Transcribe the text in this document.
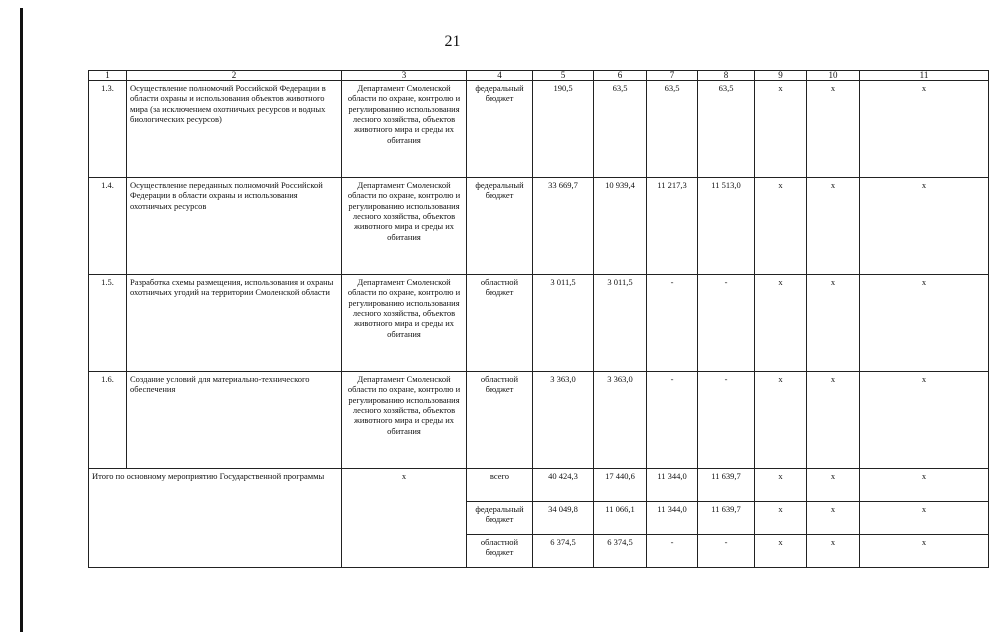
21
1	2	3	4	5	6	7	8	9	10	11
1.3.	Осуществление полномочий Российской Федерации в области охраны и использования объектов животного мира (за исключением охотничьих ресурсов и водных биологических ресурсов)	Департамент Смоленской области по охране, контролю и регулированию использования лесного хозяйства, объектов животного мира и среды их обитания	федеральный бюджет	190,5	63,5	63,5	63,5	x	x	x
1.4.	Осуществление переданных полномочий Российской Федерации в области охраны и использования охотничьих ресурсов	Департамент Смоленской области по охране, контролю и регулированию использования лесного хозяйства, объектов животного мира и среды их обитания	федеральный бюджет	33 669,7	10 939,4	11 217,3	11 513,0	x	x	x
1.5.	Разработка схемы размещения, использования и охраны охотничьих угодий на территории Смоленской области	Департамент Смоленской области по охране, контролю и регулированию использования лесного хозяйства, объектов животного мира и среды их обитания	областной бюджет	3 011,5	3 011,5	-	-	x	x	x
1.6.	Создание условий для материально-технического обеспечения	Департамент Смоленской области по охране, контролю и регулированию использования лесного хозяйства, объектов животного мира и среды их обитания	областной бюджет	3 363,0	3 363,0	-	-	x	x	x
Итого по основному мероприятию Государственной программы		x	всего	40 424,3	17 440,6	11 344,0	11 639,7	x	x	x
			федеральный бюджет	34 049,8	11 066,1	11 344,0	11 639,7	x	x	x
			областной бюджет	6 374,5	6 374,5	-	-	x	x	x
